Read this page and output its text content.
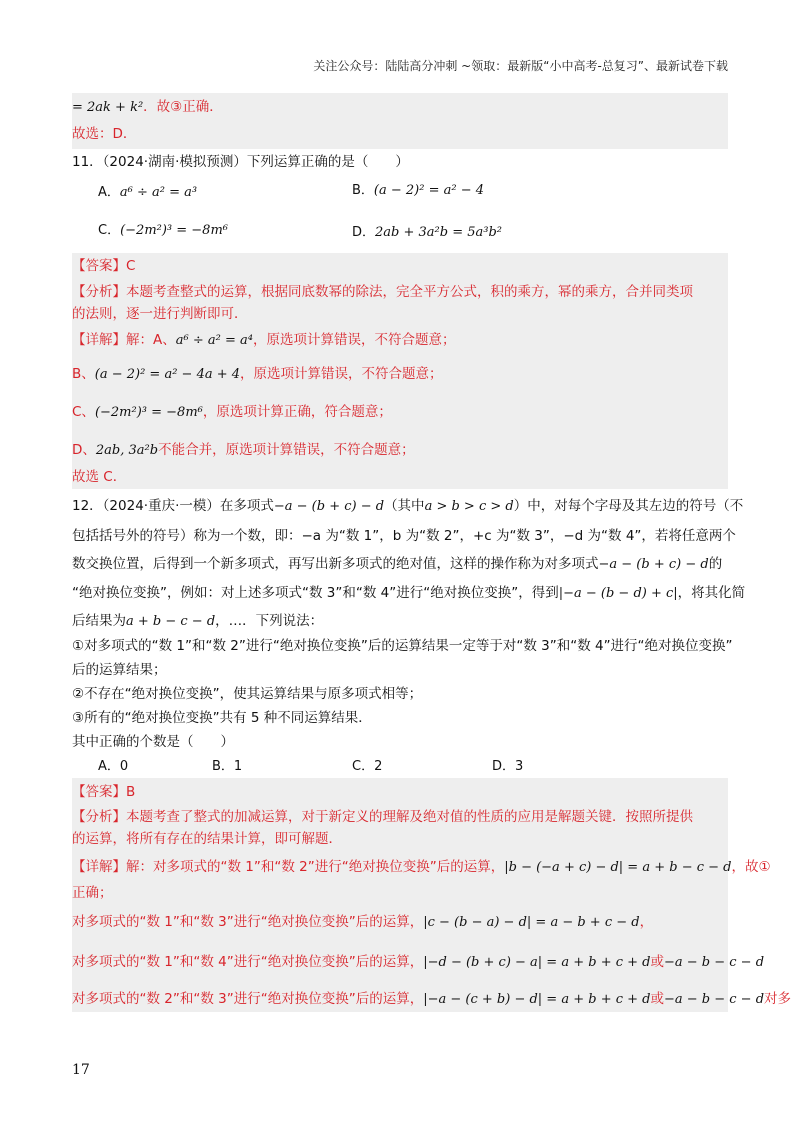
关注公众号：陆陆高分冲刺 ~领取：最新版“小中高考-总复习”、最新试卷下载
= 2ak + k²．故③正确．
故选：D．
11．（2024·湖南·模拟预测）下列运算正确的是（　　）
A．a⁶ ÷ a² = a³	B．(a − 2)² = a² − 4
C．(−2m²)³ = −8m⁶	D．2ab + 3a²b = 5a³b²
【答案】C
【分析】本题考查整式的运算，根据同底数幂的除法，完全平方公式，积的乘方，幂的乘方，合并同类项
的法则，逐一进行判断即可．
【详解】解：A、a⁶ ÷ a² = a⁴，原选项计算错误，不符合题意；
B、(a − 2)² = a² − 4a + 4，原选项计算错误，不符合题意；
C、(−2m²)³ = −8m⁶，原选项计算正确，符合题意；
D、2ab, 3a²b不能合并，原选项计算错误，不符合题意；
故选 C．
12．（2024·重庆·一模）在多项式−a − (b + c) − d（其中a > b > c > d）中，对每个字母及其左边的符号（不
包括括号外的符号）称为一个数，即：−a 为“数 1”，b 为“数 2”，+c 为“数 3”，−d 为“数 4”，若将任意两个
数交换位置，后得到一个新多项式，再写出新多项式的绝对值，这样的操作称为对多项式−a − (b + c) − d的
“绝对换位变换”，例如：对上述多项式“数 3”和“数 4”进行“绝对换位变换”，得到|−a − (b − d) + c|，将其化简
后结果为a + b − c − d，…．下列说法：
①对多项式的“数 1”和“数 2”进行“绝对换位变换”后的运算结果一定等于对“数 3”和“数 4”进行“绝对换位变换”
后的运算结果；
②不存在“绝对换位变换”，使其运算结果与原多项式相等；
③所有的“绝对换位变换”共有 5 种不同运算结果．
其中正确的个数是（　　）
A．0	B．1	C．2	D．3
【答案】B
【分析】本题考查了整式的加减运算，对于新定义的理解及绝对值的性质的应用是解题关键．按照所提供
的运算，将所有存在的结果计算，即可解题．
【详解】解：对多项式的“数 1”和“数 2”进行“绝对换位变换”后的运算，|b − (−a + c) − d| = a + b − c − d，故①
正确；
对多项式的“数 1”和“数 3”进行“绝对换位变换”后的运算，|c − (b − a) − d| = a − b + c − d，
对多项式的“数 1”和“数 4”进行“绝对换位变换”后的运算，|−d − (b + c) − a| = a + b + c + d或−a − b − c − d
对多项式的“数 2”和“数 3”进行“绝对换位变换”后的运算，|−a − (c + b) − d| = a + b + c + d或−a − b − c − d对多
17
